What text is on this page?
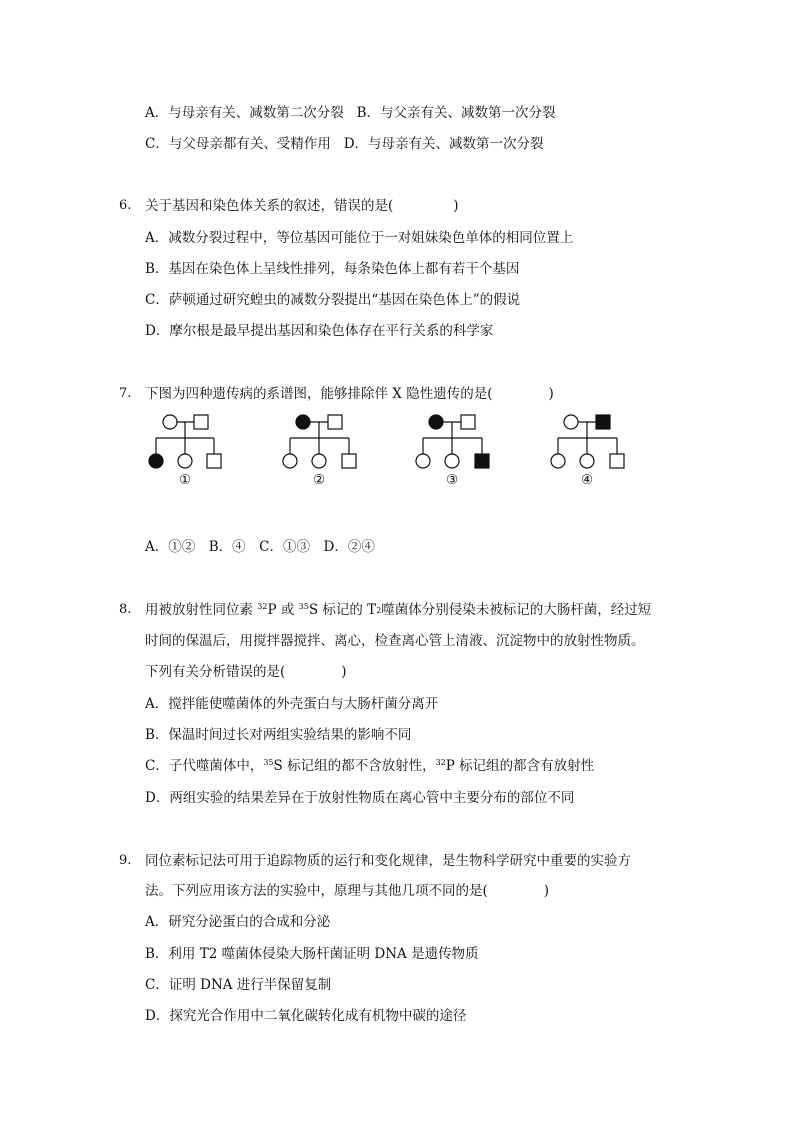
A．与母亲有关、减数第二次分裂 B．与父亲有关、减数第一次分裂
C．与父母亲都有关、受精作用 D．与母亲有关、减数第一次分裂
6. 关于基因和染色体关系的叙述，错误的是(	)
A．减数分裂过程中，等位基因可能位于一对姐妹染色单体的相同位置上
B．基因在染色体上呈线性排列，每条染色体上都有若干个基因
C．萨顿通过研究蝗虫的减数分裂提出“基因在染色体上”的假说
D．摩尔根是最早提出基因和染色体存在平行关系的科学家
7. 下图为四种遗传病的系谱图，能够排除伴 X 隐性遗传的是(	)
①	②	③	④
A．①②　B．④　C．①③　D．②④
8. 用被放射性同位素 $^{32}$P 或 $^{35}$S 标记的 $T_2$噬菌体分别侵染未被标记的大肠杆菌，经过短
时间的保温后，用搅拌器搅拌、离心，检查离心管上清液、沉淀物中的放射性物质。
下列有关分析错误的是(	)
A．搅拌能使噬菌体的外壳蛋白与大肠杆菌分离开
B．保温时间过长对两组实验结果的影响不同
C．子代噬菌体中，$^{35}$S 标记组的都不含放射性，$^{32}$P 标记组的都含有放射性
D．两组实验的结果差异在于放射性物质在离心管中主要分布的部位不同
9. 同位素标记法可用于追踪物质的运行和变化规律，是生物科学研究中重要的实验方
法。下列应用该方法的实验中，原理与其他几项不同的是(	)
A．研究分泌蛋白的合成和分泌
B．利用 T2 噬菌体侵染大肠杆菌证明 DNA 是遗传物质
C．证明 DNA 进行半保留复制
D．探究光合作用中二氧化碳转化成有机物中碳的途径
